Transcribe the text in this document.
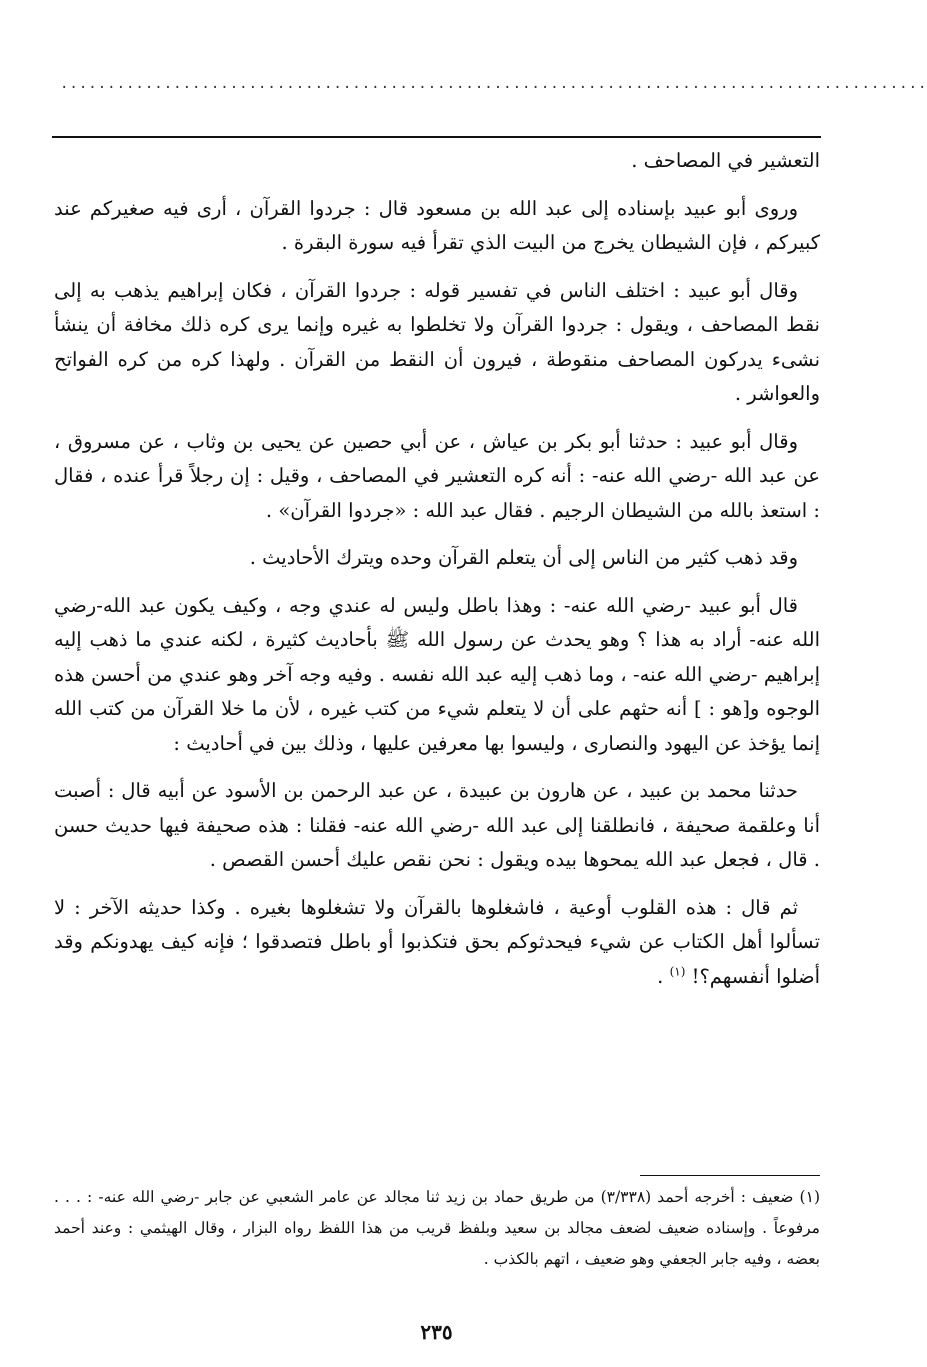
............................................................................................

التعشير في المصاحف .

وروى أبو عبيد بإسناده إلى عبد الله بن مسعود قال : جردوا القرآن ، أرى فيه صغيركم عند كبيركم ، فإن الشيطان يخرج من البيت الذي تقرأ فيه سورة البقرة .

وقال أبو عبيد : اختلف الناس في تفسير قوله : جردوا القرآن ، فكان إبراهيم يذهب به إلى نقط المصاحف ، ويقول : جردوا القرآن ولا تخلطوا به غيره وإنما يرى كره ذلك مخافة أن ينشأ نشىء يدركون المصاحف منقوطة ، فيرون أن النقط من القرآن . ولهذا كره من كره الفواتح والعواشر .

وقال أبو عبيد : حدثنا أبو بكر بن عياش ، عن أبي حصين عن يحيى بن وثاب ، عن مسروق ، عن عبد الله -رضي الله عنه- : أنه كره التعشير في المصاحف ، وقيل : إن رجلاً قرأ عنده ، فقال : استعذ بالله من الشيطان الرجيم . فقال عبد الله : «جردوا القرآن» .

وقد ذهب كثير من الناس إلى أن يتعلم القرآن وحده ويترك الأحاديث .

قال أبو عبيد -رضي الله عنه- : وهذا باطل وليس له عندي وجه ، وكيف يكون عبد الله-رضي الله عنه- أراد به هذا ؟ وهو يحدث عن رسول الله ﷺ بأحاديث كثيرة ، لكنه عندي ما ذهب إليه إبراهيم -رضي الله عنه- ، وما ذهب إليه عبد الله نفسه . وفيه وجه آخر وهو عندي من أحسن هذه الوجوه و[هو : ] أنه حثهم على أن لا يتعلم شيء من كتب غيره ، لأن ما خلا القرآن من كتب الله إنما يؤخذ عن اليهود والنصارى ، وليسوا بها معرفين عليها ، وذلك بين في أحاديث :

حدثنا محمد بن عبيد ، عن هارون بن عبيدة ، عن عبد الرحمن بن الأسود عن أبيه قال : أصبت أنا وعلقمة صحيفة ، فانطلقنا إلى عبد الله -رضي الله عنه- فقلنا : هذه صحيفة فيها حديث حسن . قال ، فجعل عبد الله يمحوها بيده ويقول : نحن نقص عليك أحسن القصص .

ثم قال : هذه القلوب أوعية ، فاشغلوها بالقرآن ولا تشغلوها بغيره . وكذا حديثه الآخر : لا تسألوا أهل الكتاب عن شيء فيحدثوكم بحق فتكذبوا أو باطل فتصدقوا ؛ فإنه كيف يهدونكم وقد أضلوا أنفسهم؟! $^{(١)}$ .

(١) ضعيف : أخرجه أحمد (٣/٣٣٨) من طريق حماد بن زيد ثنا مجالد عن عامر الشعبي عن جابر -رضي الله عنه- : . . . مرفوعاً . وإسناده ضعيف لضعف مجالد بن سعيد وبلفظ قريب من هذا اللفظ رواه البزار ، وقال الهيثمي : وعند أحمد بعضه ، وفيه جابر الجعفي وهو ضعيف ، اتهم بالكذب .

٢٣٥
